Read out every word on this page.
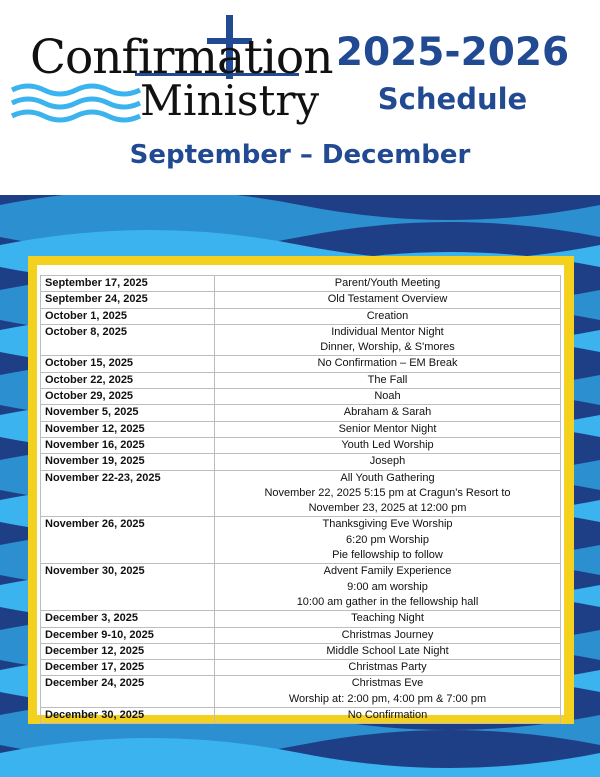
Confirmation
Ministry
2025-2026
Schedule
September – December
September 17, 2025	Parent/Youth Meeting

September 24, 2025	Old Testament Overview

October 1, 2025	Creation

October 8, 2025	Individual Mentor Night
Dinner, Worship, & S'mores

October 15, 2025	No Confirmation – EM Break

October 22, 2025	The Fall

October 29, 2025	Noah

November 5, 2025	Abraham & Sarah

November 12, 2025	Senior Mentor Night

November 16, 2025	Youth Led Worship

November 19, 2025	Joseph

November 22-23, 2025	All Youth Gathering
November 22, 2025 5:15 pm at Cragun's Resort to
November 23, 2025 at 12:00 pm

November 26, 2025	Thanksgiving Eve Worship
6:20 pm Worship
Pie fellowship to follow

November 30, 2025	Advent Family Experience
9:00 am worship
10:00 am gather in the fellowship hall

December 3, 2025	Teaching Night

December 9-10, 2025	Christmas Journey

December 12, 2025	Middle School Late Night

December 17, 2025	Christmas Party

December 24, 2025	Christmas Eve
Worship at: 2:00 pm, 4:00 pm & 7:00 pm

December 30, 2025	No Confirmation
